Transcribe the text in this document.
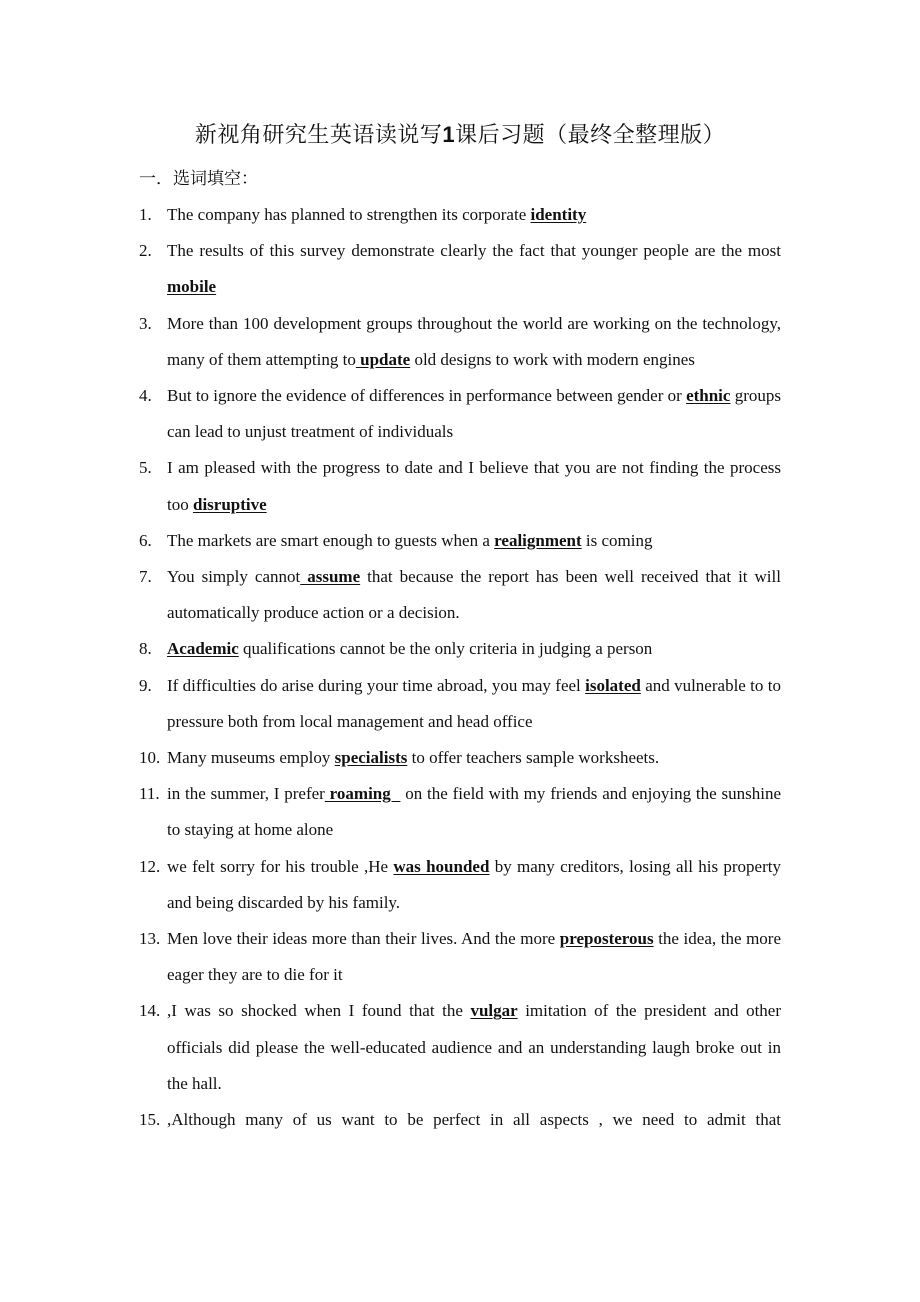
新视角研究生英语读说写1课后习题（最终全整理版）
一．选词填空：
1. The company has planned to strengthen its corporate identity
2. The results of this survey demonstrate clearly the fact that younger people are the most mobile
3. More than 100 development groups throughout the world are working on the technology, many of them attempting to update old designs to work with modern engines
4. But to ignore the evidence of differences in performance between gender or ethnic groups can lead to unjust treatment of individuals
5. I am pleased with the progress to date and I believe that you are not finding the process too disruptive
6. The markets are smart enough to guests when a realignment is coming
7. You simply cannot assume that because the report has been well received that it will automatically produce action or a decision.
8. Academic qualifications cannot be the only criteria in judging a person
9. If difficulties do arise during your time abroad, you may feel isolated and vulnerable to to pressure both from local management and head office
10. Many museums employ specialists to offer teachers sample worksheets.
11. in the summer, I prefer roaming   on the field with my friends and enjoying the sunshine to staying at home alone
12. we felt sorry for his trouble ,He was hounded by many creditors, losing all his property and being discarded by his family.
13. Men love their ideas more than their lives. And the more preposterous the idea, the more eager they are to die for it
14. ,I was so shocked when I found that the vulgar imitation of the president and other officials did please the well-educated audience and an understanding laugh broke out in the hall.
15. ,Although many of us want to be perfect in all aspects , we need to admit that
